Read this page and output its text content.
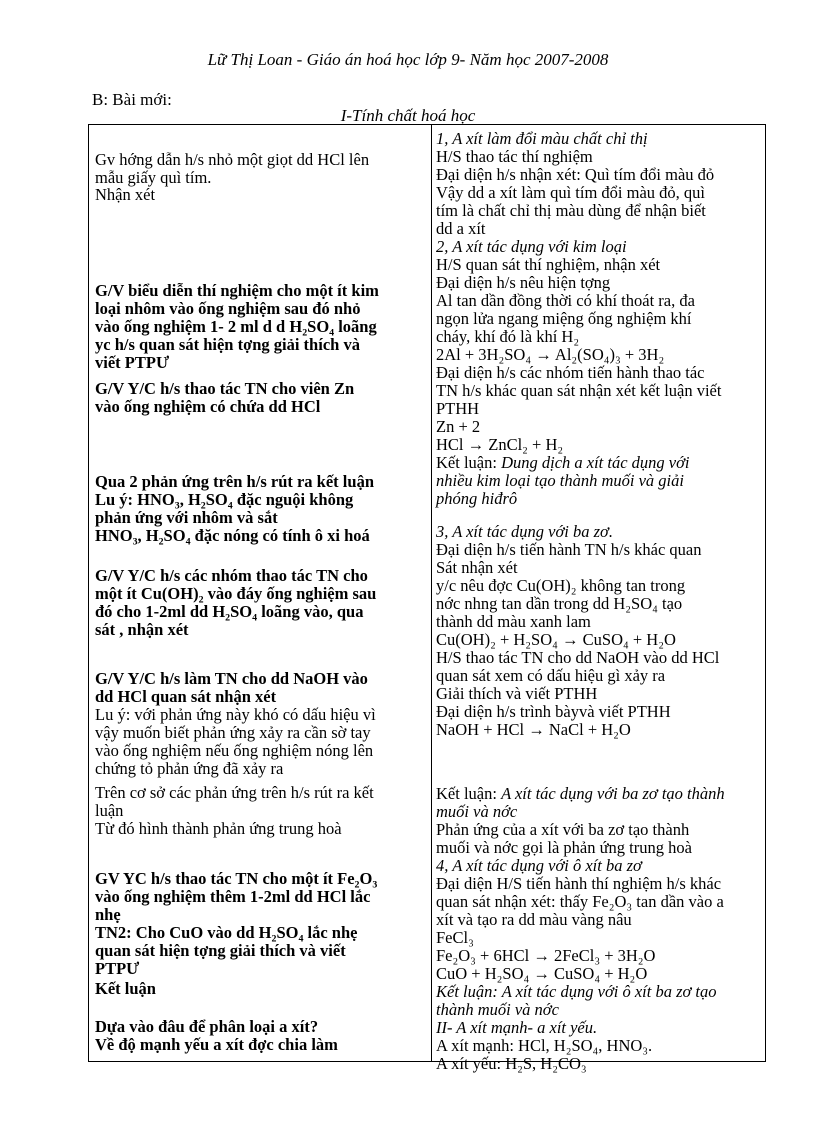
Lữ Thị Loan - Giáo án hoá học lớp 9- Năm học 2007-2008
B: Bài mới:
I-Tính chất hoá học
Gv hớng dẫn h/s nhỏ một giọt dd HCl lên
mẫu giấy quì tím.
Nhận xét
G/V biểu diễn thí nghiệm cho một ít kim
loại nhôm vào ống nghiệm sau đó nhỏ
vào ống nghiệm 1- 2 ml d d H₂SO₄ loãng
yc h/s quan sát hiện tợng giải thích và
viết PTPƯ
G/V Y/C h/s thao tác TN cho viên Zn
vào ống nghiệm có chứa dd HCl
Qua 2 phản ứng trên h/s rút ra kết luận
Lu ý: HNO₃, H₂SO₄ đặc nguội không
phản ứng với nhôm và sắt
HNO₃, H₂SO₄ đặc nóng có tính ô xi hoá
G/V Y/C h/s các nhóm thao tác TN cho
một ít Cu(OH)₂ vào đáy ống nghiệm sau
đó cho 1-2ml dd H₂SO₄ loãng vào, qua
sát , nhận xét
G/V Y/C h/s làm TN cho dd NaOH vào
dd HCl quan sát nhận xét
Lu ý: với phản ứng này khó có dấu hiệu vì
vậy muốn biết phản ứng xảy ra cần sờ tay
vào ống nghiệm nếu ống nghiệm nóng lên
chứng tỏ phản ứng đã xảy ra
Trên cơ sở các phản ứng trên h/s rút ra kết
luận
Từ đó hình thành phản ứng trung hoà
GV YC h/s thao tác TN cho một ít Fe₂O₃
vào ống nghiệm thêm 1-2ml dd HCl lắc
nhẹ
TN2: Cho CuO vào dd H₂SO₄ lắc nhẹ
quan sát hiện tợng giải thích và viết
PTPƯ
Kết luận
Dựa vào đâu để phân loại a xít?
Về độ mạnh yếu a xít đợc chia làm
1, A xít làm đổi màu chất chỉ thị
H/S thao tác thí nghiệm
Đại diện h/s nhận xét: Quì tím đổi màu đỏ
Vậy dd a xít làm quì tím đổi màu đỏ, quì
tím là chất chỉ thị màu dùng để nhận biết
dd a xít
2, A xít tác dụng với kim loại
H/S quan sát thí nghiệm, nhận xét
Đại diện h/s nêu hiện tợng
Al tan dần đồng thời có khí thoát ra, đa
ngọn lửa ngang miệng ống nghiệm khí
cháy, khí đó là khí H₂
2Al + 3H₂SO₄ → Al₂(SO₄)₃ + 3H₂
Đại diện h/s các nhóm tiến hành thao tác
TN h/s khác quan sát nhận xét kết luận viết
PTHH
Zn + 2
HCl → ZnCl₂ + H₂
Kết luận: Dung dịch a xít tác dụng với
nhiều kim loại tạo thành muối và giải
phóng hiđrô
3, A xít tác dụng với ba zơ.
Đại diện h/s tiến hành TN h/s khác quan
Sát nhận xét
y/c nêu đợc Cu(OH)₂ không tan trong
nớc nhng tan dần trong dd H₂SO₄ tạo
thành dd màu xanh lam
Cu(OH)₂ + H₂SO₄ → CuSO₄ + H₂O
H/S thao tác TN cho dd NaOH vào dd HCl
quan sát xem có dấu hiệu gì xảy ra
Giải thích và viết PTHH
Đại diện h/s trình bàyvà viết PTHH
NaOH + HCl → NaCl + H₂O
Kết luận: A xít tác dụng với ba zơ tạo thành
muối và nớc
Phản ứng của a xít với ba zơ tạo thành
muối và nớc gọi là phản ứng trung hoà
4, A xít tác dụng với ô xít ba zơ
Đại diện H/S tiến hành thí nghiệm h/s khác
quan sát nhận xét: thấy Fe₂O₃ tan dần vào a
xít và tạo ra dd màu vàng nâu
FeCl₃
Fe₂O₃ + 6HCl → 2FeCl₃ + 3H₂O
CuO + H₂SO₄ → CuSO₄ + H₂O
Kết luận: A xít tác dụng với ô xít ba zơ tạo
thành muối và nớc
II- A xít mạnh- a xít yếu.
A xít mạnh: HCl, H₂SO₄, HNO₃.
A xít yếu: H₂S, H₂CO₃
